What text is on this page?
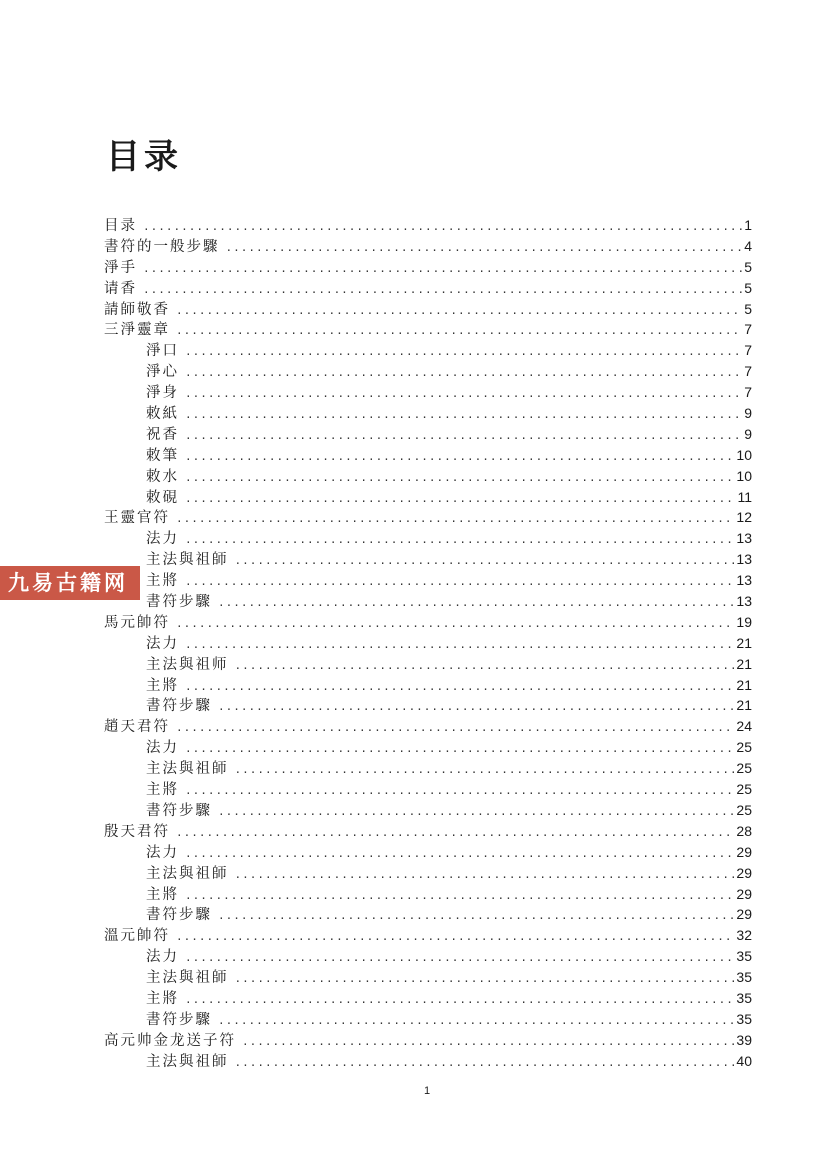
目录
目录 .....	1
書符的一般步驟 .....	4
淨手 .....	5
请香 .....	5
請師敬香 .....	5
三淨靈章 .....	7
淨口 .....	7
淨心 .....	7
淨身 .....	7
敕紙 .....	9
祝香 .....	9
敕筆 .....	10
敕水 .....	10
敕硯 .....	11
王靈官符 .....	12
法力 .....	13
主法與祖師 .....	13
主將 .....	13
書符步驟 .....	13
馬元帥符 .....	19
法力 .....	21
主法與祖师 .....	21
主將 .....	21
書符步驟 .....	21
趙天君符 .....	24
法力 .....	25
主法與祖師 .....	25
主將 .....	25
書符步驟 .....	25
殷天君符 .....	28
法力 .....	29
主法與祖師 .....	29
主將 .....	29
書符步驟 .....	29
溫元帥符 .....	32
法力 .....	35
主法與祖師 .....	35
主將 .....	35
書符步驟 .....	35
高元帅金龙送子符 .....	39
主法與祖師 .....	40
九易古籍网
1
